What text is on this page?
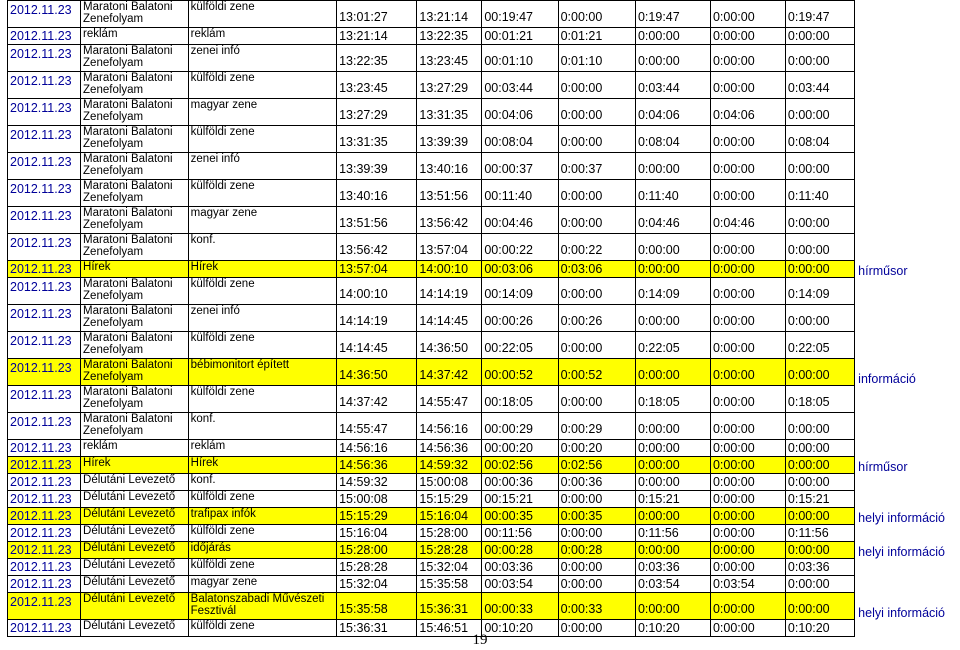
2012.11.23	Maratoni Balatoni Zenefolyam	külföldi zene	13:01:27	13:21:14	00:19:47	0:00:00	0:19:47	0:00:00	0:19:47	
2012.11.23	reklám	reklám	13:21:14	13:22:35	00:01:21	0:01:21	0:00:00	0:00:00	0:00:00	
2012.11.23	Maratoni Balatoni Zenefolyam	zenei infó	13:22:35	13:23:45	00:01:10	0:01:10	0:00:00	0:00:00	0:00:00	
2012.11.23	Maratoni Balatoni Zenefolyam	külföldi zene	13:23:45	13:27:29	00:03:44	0:00:00	0:03:44	0:00:00	0:03:44	
2012.11.23	Maratoni Balatoni Zenefolyam	magyar zene	13:27:29	13:31:35	00:04:06	0:00:00	0:04:06	0:04:06	0:00:00	
2012.11.23	Maratoni Balatoni Zenefolyam	külföldi zene	13:31:35	13:39:39	00:08:04	0:00:00	0:08:04	0:00:00	0:08:04	
2012.11.23	Maratoni Balatoni Zenefolyam	zenei infó	13:39:39	13:40:16	00:00:37	0:00:37	0:00:00	0:00:00	0:00:00	
2012.11.23	Maratoni Balatoni Zenefolyam	külföldi zene	13:40:16	13:51:56	00:11:40	0:00:00	0:11:40	0:00:00	0:11:40	
2012.11.23	Maratoni Balatoni Zenefolyam	magyar zene	13:51:56	13:56:42	00:04:46	0:00:00	0:04:46	0:04:46	0:00:00	
2012.11.23	Maratoni Balatoni Zenefolyam	konf.	13:56:42	13:57:04	00:00:22	0:00:22	0:00:00	0:00:00	0:00:00	
2012.11.23	Hírek	Hírek	13:57:04	14:00:10	00:03:06	0:03:06	0:00:00	0:00:00	0:00:00	hírműsor
2012.11.23	Maratoni Balatoni Zenefolyam	külföldi zene	14:00:10	14:14:19	00:14:09	0:00:00	0:14:09	0:00:00	0:14:09	
2012.11.23	Maratoni Balatoni Zenefolyam	zenei infó	14:14:19	14:14:45	00:00:26	0:00:26	0:00:00	0:00:00	0:00:00	
2012.11.23	Maratoni Balatoni Zenefolyam	külföldi zene	14:14:45	14:36:50	00:22:05	0:00:00	0:22:05	0:00:00	0:22:05	
2012.11.23	Maratoni Balatoni Zenefolyam	bébimonitort épített	14:36:50	14:37:42	00:00:52	0:00:52	0:00:00	0:00:00	0:00:00	információ
2012.11.23	Maratoni Balatoni Zenefolyam	külföldi zene	14:37:42	14:55:47	00:18:05	0:00:00	0:18:05	0:00:00	0:18:05	
2012.11.23	Maratoni Balatoni Zenefolyam	konf.	14:55:47	14:56:16	00:00:29	0:00:29	0:00:00	0:00:00	0:00:00	
2012.11.23	reklám	reklám	14:56:16	14:56:36	00:00:20	0:00:20	0:00:00	0:00:00	0:00:00	
2012.11.23	Hírek	Hírek	14:56:36	14:59:32	00:02:56	0:02:56	0:00:00	0:00:00	0:00:00	hírműsor
2012.11.23	Délutáni Levezető	konf.	14:59:32	15:00:08	00:00:36	0:00:36	0:00:00	0:00:00	0:00:00	
2012.11.23	Délutáni Levezető	külföldi zene	15:00:08	15:15:29	00:15:21	0:00:00	0:15:21	0:00:00	0:15:21	
2012.11.23	Délutáni Levezető	trafipax infók	15:15:29	15:16:04	00:00:35	0:00:35	0:00:00	0:00:00	0:00:00	helyi információ
2012.11.23	Délutáni Levezető	külföldi zene	15:16:04	15:28:00	00:11:56	0:00:00	0:11:56	0:00:00	0:11:56	
2012.11.23	Délutáni Levezető	időjárás	15:28:00	15:28:28	00:00:28	0:00:28	0:00:00	0:00:00	0:00:00	helyi információ
2012.11.23	Délutáni Levezető	külföldi zene	15:28:28	15:32:04	00:03:36	0:00:00	0:03:36	0:00:00	0:03:36	
2012.11.23	Délutáni Levezető	magyar zene	15:32:04	15:35:58	00:03:54	0:00:00	0:03:54	0:03:54	0:00:00	
2012.11.23	Délutáni Levezető	Balatonszabadi Művészeti Fesztivál	15:35:58	15:36:31	00:00:33	0:00:33	0:00:00	0:00:00	0:00:00	helyi információ
2012.11.23	Délutáni Levezető	külföldi zene	15:36:31	15:46:51	00:10:20	0:00:00	0:10:20	0:00:00	0:10:20	
19
